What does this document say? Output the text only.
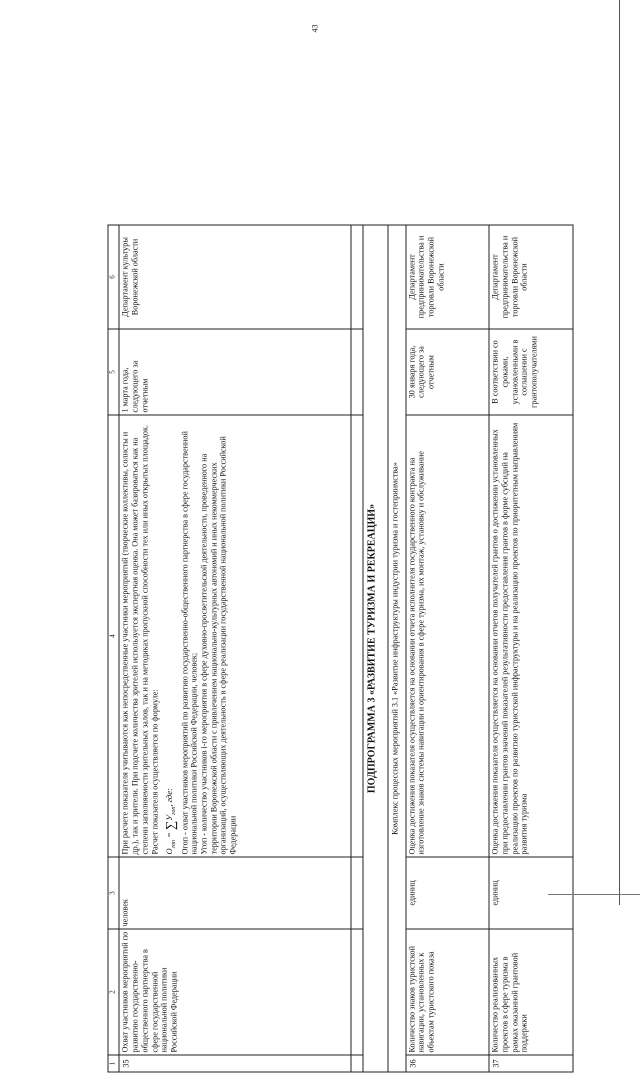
43
1	2	3	4	5	6
35	Охват участников мероприятий по развитию государственно-общественного партнерства в сфере государственной национальной политики Российской Федерации	человек	При расчете показателя учитываются как непосредственные участники мероприятий (творческие коллективы, солисты и др.), так и зрители. При подсчете количества зрителей используется экспертная оценка. Она может базироваться как на степени заполняемости зрительных залов, так и на методиках пропускной способности тех или иных открытых площадок. Расчет показателя осуществляется по формуле: $О_{гоп} = \sum У_{гоп}$, где: Огоп - охват участников мероприятий по развитию государственно-общественного партнерства в сфере государственной национальной политики Российской Федерации, человек; Угоп - количество участников i-го мероприятия в сфере духовно-просветительской деятельности, проведенного на территории Воронежской области с привлечением национально-культурных автономий и иных некоммерческих организаций, осуществляющих деятельность в сфере реализации государственной национальной политики Российской Федерации	1 марта года, следующего за отчетным	Департамент культуры Воронежской области

ПОДПРОГРАММА 3 «РАЗВИТИЕ ТУРИЗМА И РЕКРЕАЦИИ»					
Комплекс процессных мероприятий 3.1 «Развитие инфраструктуры индустрии туризма и гостеприимства»					
36	Количество знаков туристской навигации, установленных к объектам туристского показа	единиц	Оценка достижения показателя осуществляется на основании отчета исполнителя государственного контракта на изготовление знаков системы навигации и ориентирования в сфере туризма, их монтаж, установку и обслуживание	30 января года, следующего за отчетным	Департамент предпринимательства и торговли Воронежской области
37	Количество реализованных проектов в сфере туризма в рамках оказанной грантовой поддержки	единиц	Оценка достижения показателя осуществляется на основании отчетов получателей грантов о достижении установленных при предоставлении грантов значений показателей результативности предоставления грантов в форме субсидий на реализацию проектов по развитию туристской инфраструктуры и на реализацию проектов по приоритетным направлениям развития туризма	В соответствии со сроками, установленными в соглашении с грантополучателями	Департамент предпринимательства и торговли Воронежской области
